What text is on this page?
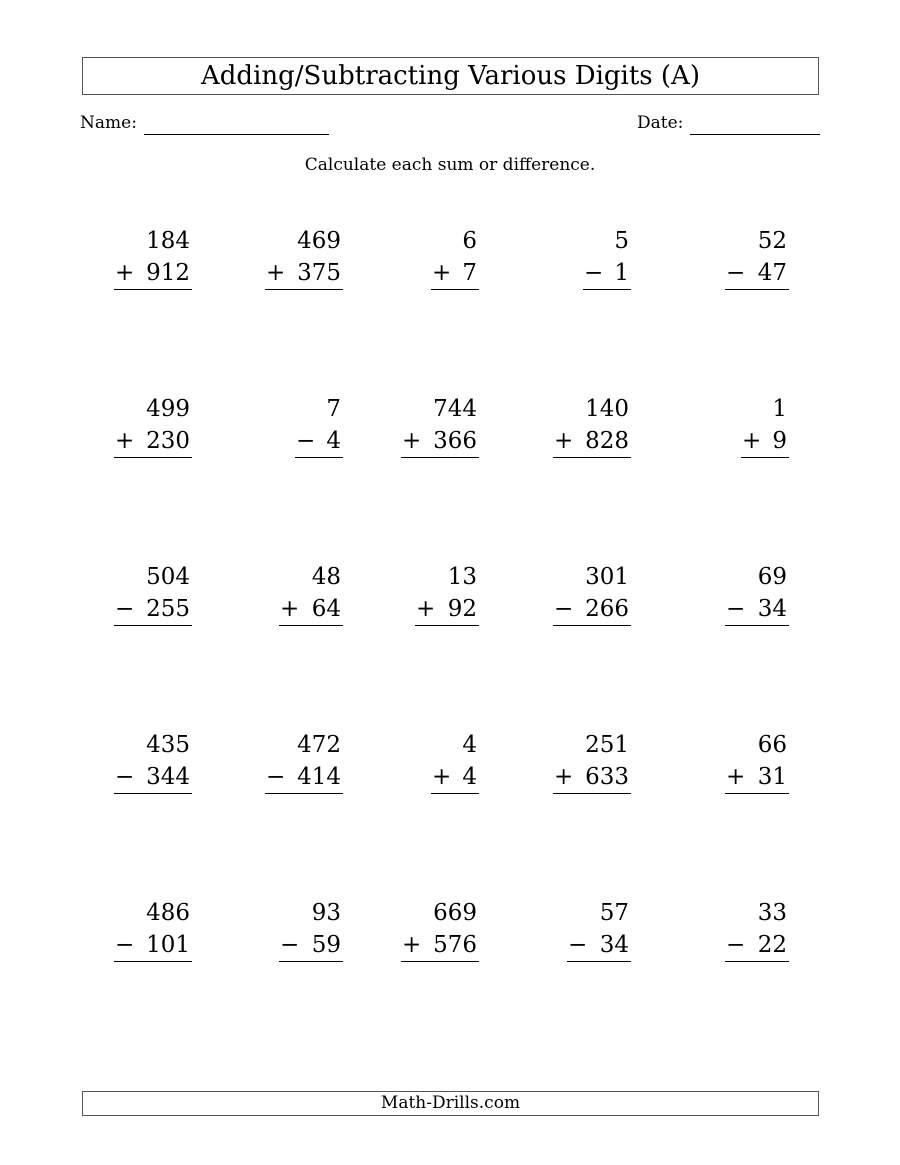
Adding/Subtracting Various Digits (A)
Name:	Date:
Calculate each sum or difference.
184
+ 912
469
+ 375
6
+ 7
5
− 1
52
− 47
499
+ 230
7
− 4
744
+ 366
140
+ 828
1
+ 9
504
− 255
48
+ 64
13
+ 92
301
− 266
69
− 34
435
− 344
472
− 414
4
+ 4
251
+ 633
66
+ 31
486
− 101
93
− 59
669
+ 576
57
− 34
33
− 22
Math-Drills.com
